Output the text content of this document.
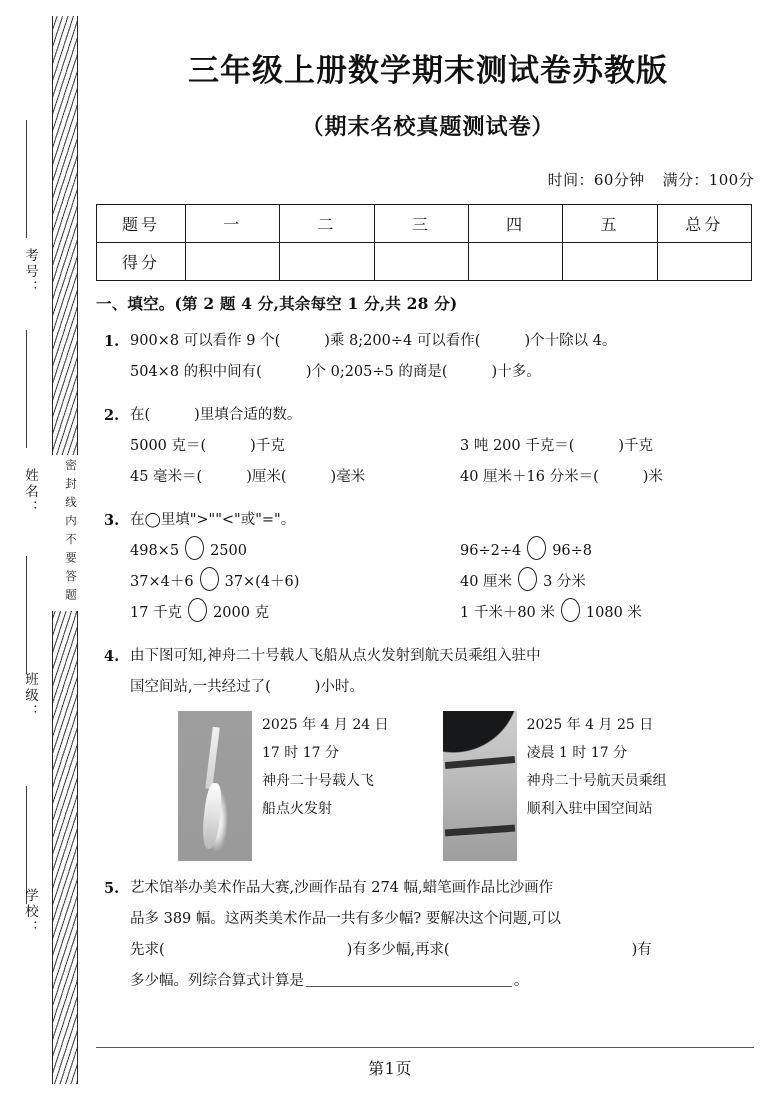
密封线内不要答题
考号：
姓名：
班级：
学校：
三年级上册数学期末测试卷苏教版
（期末名校真题测试卷）
时间：60分钟 满分：100分
题号	一	二	三	四	五	总分
得分						
一、填空。(第 2 题 4 分,其余每空 1 分,共 28 分)
1. 900×8 可以看作 9 个(	)乘 8;200÷4 可以看作(	)个十除以 4。
504×8 的积中间有(	)个 0;205÷5 的商是(	)十多。
2. 在(	)里填合适的数。
5000 克＝(	)千克	3 吨 200 千克＝(	)千克
45 毫米＝(	)厘米(	)毫米	40 厘米＋16 分米＝(	)米
3. 在◯里填">""<"或"="。
498×5 2500	96÷2÷4 96÷8
37×4＋6 37×(4＋6)	40 厘米 3 分米
17 千克 2000 克	1 千米＋80 米 1080 米
4. 由下图可知,神舟二十号载人飞船从点火发射到航天员乘组入驻中
国空间站,一共经过了(	)小时。
2025 年 4 月 24 日
17 时 17 分
神舟二十号载人飞
船点火发射
2025 年 4 月 25 日
凌晨 1 时 17 分
神舟二十号航天员乘组
顺利入驻中国空间站
5. 艺术馆举办美术作品大赛,沙画作品有 274 幅,蜡笔画作品比沙画作
品多 389 幅。这两类美术作品一共有多少幅? 要解决这个问题,可以
先求(	)有多少幅,再求(	)有
多少幅。列综合算式计算是	。
第1页
